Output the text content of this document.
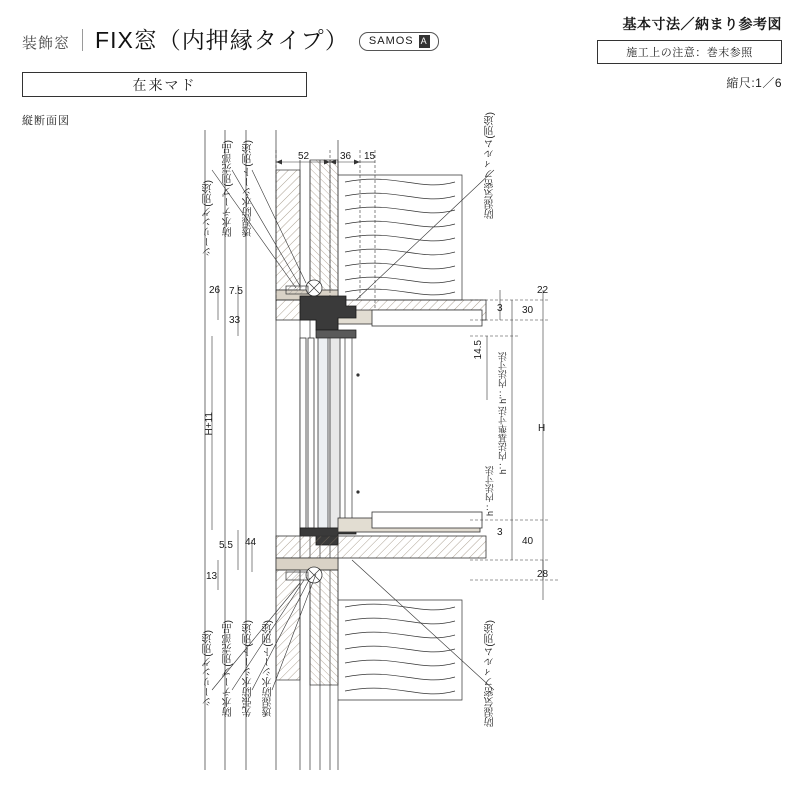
装飾窓 FIX窓（内押縁タイプ） SAMOS A
在来マド
基本寸法／納まり参考図
施工上の注意：巻末参照
縮尺:1／6
縦断面図
52	36 15
26 7.5
33
H+11
5.5 44
13
3
14.5
3
22
30
H
40
28
h：内法基準寸法 h'：内法寸法
h：内法寸法
シーリング(別途) 防水テープ(別売部品) 透湿防水シート(別途)	防湿気密フィルム(別途)
シーリング(別途) 防水テープ(別売部品) 先張防水シート(別途) 透湿防水シート(別途)	防湿気密フィルム(別途)
